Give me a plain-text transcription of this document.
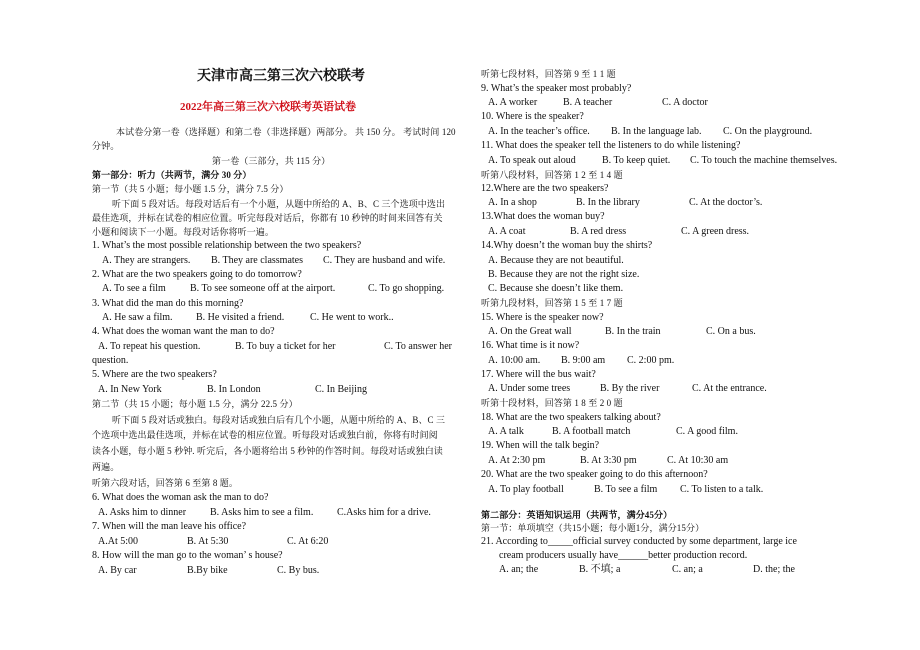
天津市高三第三次六校联考
2022年高三第三次六校联考英语试卷
本试卷分第一卷（选择题）和第二卷（非选择题）两部分。 共 150 分。 考试时间 120
分钟。
第一卷（三部分，共 115 分）
第一部分：听力（共两节，满分 30 分）
第一节（共 5 小题；每小题 1.5 分，满分 7.5 分）
听下面 5 段对话。每段对话后有一个小题，从题中所给的 A、B、C 三个选项中选出
最佳选项，并标在试卷的相应位置。听完每段对话后，你都有 10 秒钟的时间来回答有关
小题和阅读下一小题。每段对话你将听一遍。
1. What’s the most possible relationship between the two speakers?
A. They are strangers. B. They are classmates C. They are husband and wife.
2. What are the two speakers going to do tomorrow?
A. To see a film B. To see someone off at the airport.	C. To go shopping.
3. What did the man do this morning?
A. He saw a film. B. He visited a friend.	C. He went to work..
4. What does the woman want the man to do?
A. To repeat his question.	B. To buy a ticket for her	C. To answer her
question.
5. Where are the two speakers?
A. In New York	B. In London	C. In Beijing
第二节（共 15 小题；每小题 1.5 分，满分 22.5 分）
听下面 5 段对话或独白。每段对话或独白后有几个小题，从题中所给的 A、B、C 三
个选项中选出最佳选项，并标在试卷的相应位置。听每段对话或独白前，你将有时间阅
读各小题，每小题 5 秒钟. 听完后，各小题将给出 5 秒钟的作答时间。每段对话或独白读
两遍。
听第六段对话，回答第 6 至第 8 题。
6. What does the woman ask the man to do?
A. Asks him to dinner B. Asks him to see a film. C.Asks him for a drive.
7. When will the man leave his office?
A.At 5:00	B. At 5:30	C. At 6:20
8. How will the man go to the woman’ s house?
A. By car	B.By bike	C. By bus.
听第七段材料，回答第 9 至 1 1 题
9. What’s the speaker most probably?
A. A worker	B. A teacher	C. A doctor
10. Where is the speaker?
A. In the teacher’s office. B. In the language lab. C. On the playground.
11. What does the speaker tell the listeners to do while listening?
A. To speak out aloud	B. To keep quiet. C. To touch the machine themselves.
听第八段材料，回答第 1 2 至 1 4 题
12.Where are the two speakers?
A. In a shop	B. In the library	C. At the doctor’s.
13.What does the woman buy?
A. A coat	B. A red dress	C. A green dress.
14.Why doesn’t the woman buy the shirts?
A. Because they are not beautiful.
B. Because they are not the right size.
C. Because she doesn’t like them.
听第九段材料，回答第 1 5 至 1 7 题
15. Where is the speaker now?
A. On the Great wall	B. In the train	C. On a bus.
16. What time is it now?
A. 10:00 am. B. 9:00 am C. 2:00 pm.
17. Where will the bus wait?
A. Under some trees	B. By the river	C. At the entrance.
听第十段材料，回答第 1 8 至 2 0 题
18. What are the two speakers talking about?
A. A talk	B. A football match	C. A good film.
19. When will the talk begin?
A. At 2:30 pm	B. At 3:30 pm	C. At 10:30 am
20. What are the two speaker going to do this afternoon?
A. To play football	B. To see a film C. To listen to a talk.
第二部分：英语知识运用（共两节，满分45分）
第一节：单项填空（共15小题；每小题1分，满分15分）
21. According to_____official survey conducted by some department, large ice
cream producers usually have______better production record.
A. an; the	B. 不填; a	C. an; a	D. the; the
